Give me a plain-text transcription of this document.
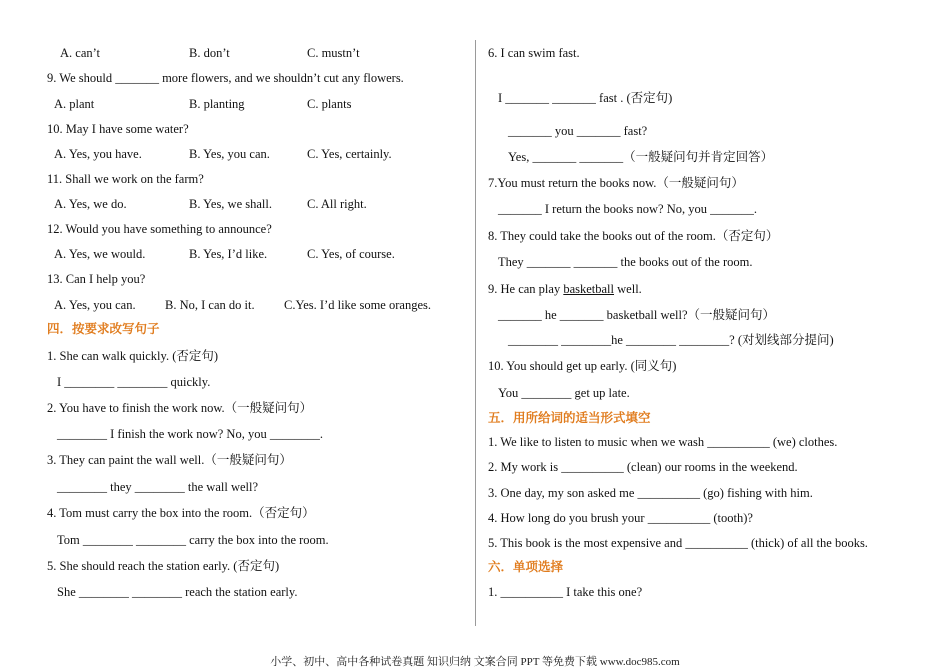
A. can’t	B. don’t	C. mustn’t
9. We should _______ more flowers, and we shouldn’t cut any flowers.
A. plant	B. planting	C. plants
10. May I have some water?
A. Yes, you have.	B. Yes, you can.	C. Yes, certainly.
11. Shall we work on the farm?
A. Yes, we do.	B. Yes, we shall.	C. All right.
12. Would you have something to announce?
A. Yes, we would.	B. Yes, I’d like.	C. Yes, of course.
13. Can I help you?
A. Yes, you can. B. No, I can do it. C.Yes. I’d like some oranges.
四．按要求改写句子
1. She can walk quickly. (否定句)
I ________ ________ quickly.
2. You have to finish the work now.（一般疑问句）
________ I finish the work now? No, you ________.
3. They can paint the wall well.（一般疑问句）
________ they ________ the wall well?
4. Tom must carry the box into the room.（否定句）
Tom ________ ________ carry the box into the room.
5. She should reach the station early. (否定句)
She ________ ________ reach the station early.
6. I can swim fast.
I _______ _______ fast . (否定句)
_______ you _______ fast?
Yes, _______ _______（一般疑问句并肯定回答）
7.You must return the books now.（一般疑问句）
_______ I return the books now? No, you _______.
8. They could take the books out of the room.（否定句）
They _______ _______ the books out of the room.
9. He can play basketball well.
_______ he _______ basketball well?（一般疑问句）
________ ________he ________ ________? (对划线部分提问)
10. You should get up early. (同义句)
You ________ get up late.
五．用所给词的适当形式填空
1. We like to listen to music when we wash __________ (we) clothes.
2. My work is __________ (clean) our rooms in the weekend.
3. One day, my son asked me __________ (go) fishing with him.
4. How long do you brush your __________ (tooth)?
5. This book is the most expensive and __________ (thick) of all the books.
六．单项选择
1. __________ I take this one?
小学、初中、高中各种试卷真题 知识归纳 文案合同 PPT 等免费下载 www.doc985.com
